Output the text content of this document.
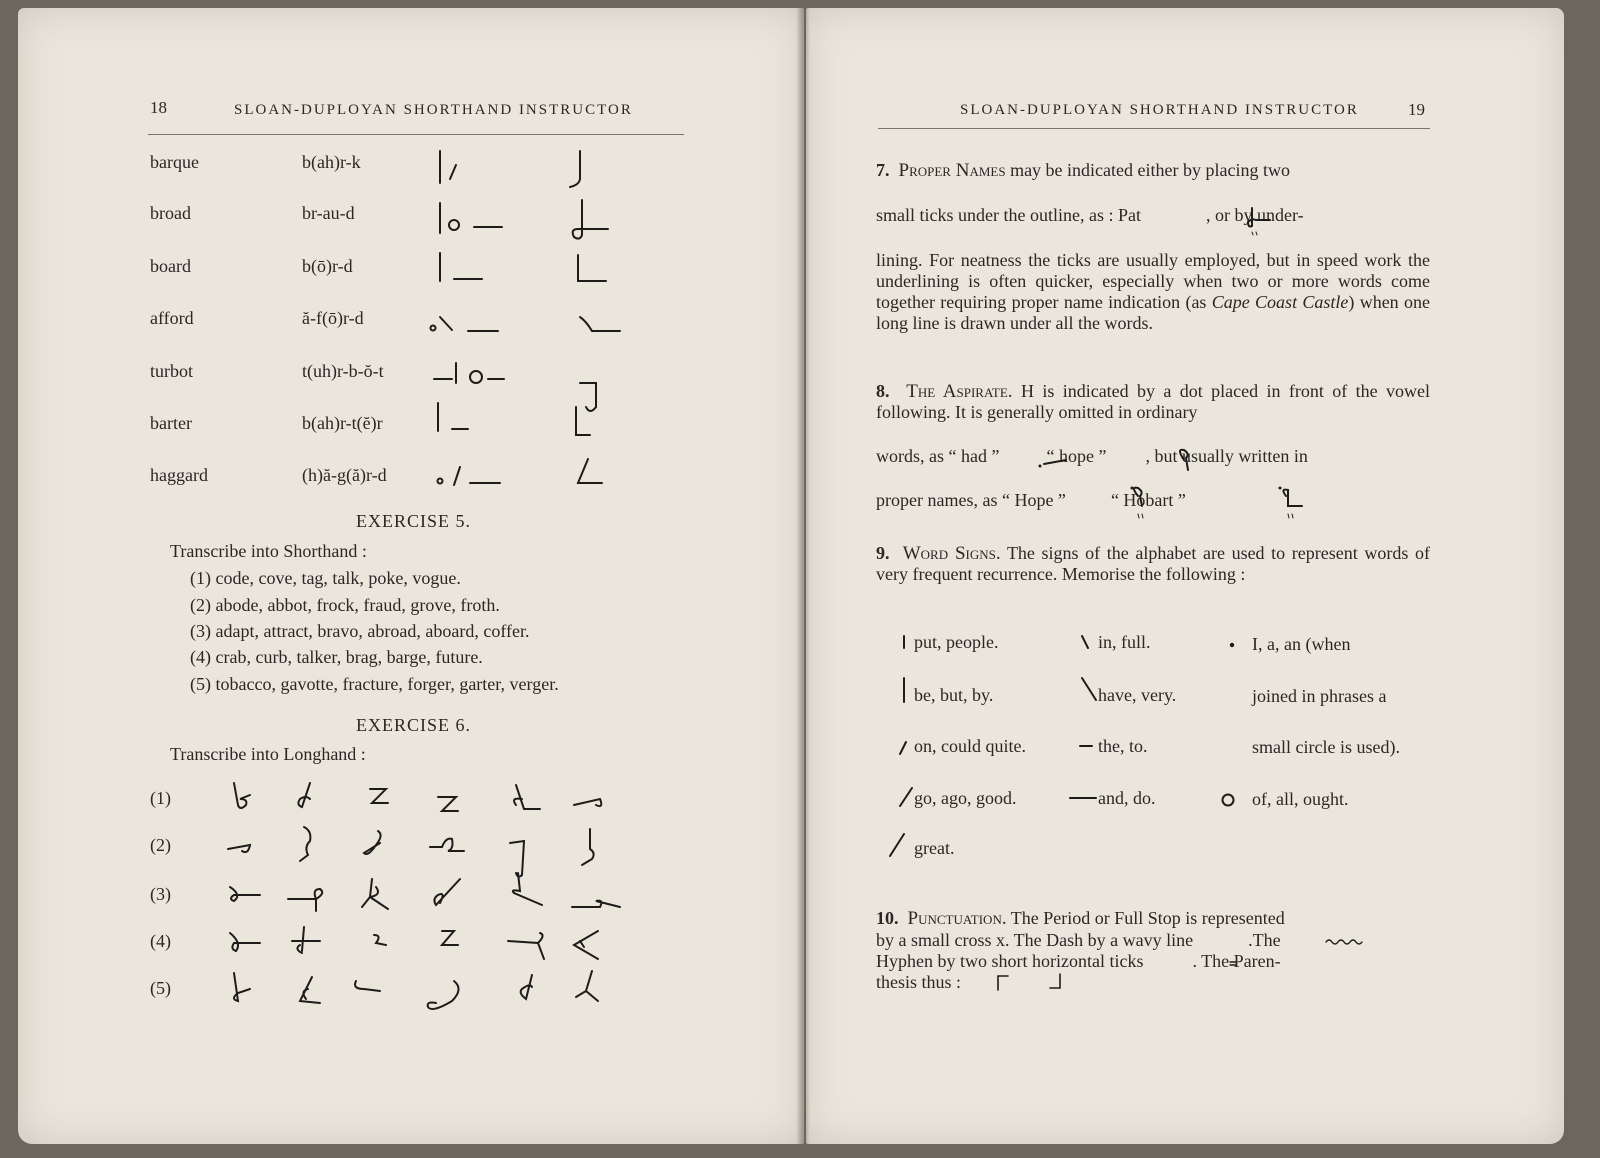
18	SLOAN-DUPLOYAN SHORTHAND INSTRUCTOR
barque	b(ah)r-k
broad	br-au-d
board	b(ō)r-d
afford	ă-f(ō)r-d
turbot	t(uh)r-b-ŏ-t
barter	b(ah)r-t(ĕ)r
haggard	(h)ă-g(ă)r-d
EXERCISE 5.
Transcribe into Shorthand :
(1) code, cove, tag, talk, poke, vogue.
(2) abode, abbot, frock, fraud, grove, froth.
(3) adapt, attract, bravo, abroad, aboard, coffer.
(4) crab, curb, talker, brag, barge, future.
(5) tobacco, gavotte, fracture, forger, garter, verger.
EXERCISE 6.
Transcribe into Longhand :
(1)
(2)
(3)
(4)
(5)
SLOAN-DUPLOYAN SHORTHAND INSTRUCTOR	19
7. Proper Names may be indicated either by placing two
small ticks under the outline, as : Pat	, or by under-
lining. For neatness the ticks are usually employed, but in speed work the underlining is often quicker, especially when two or more words come together requiring proper name indication (as Cape Coast Castle) when one long line is drawn under all the words.
8. The Aspirate. H is indicated by a dot placed in front of the vowel following. It is generally omitted in ordinary
words, as “ had ”	“ hope ” , but usually written in
proper names, as “ Hope ”	“ Hobart ”
9. Word Signs. The signs of the alphabet are used to represent words of very frequent recurrence. Memorise the following :
put, people.	in, full.	I, a, an (when
be, but, by.	have, very.	joined in phrases a
on, could quite.	the, to.	small circle is used).
go, ago, good.	and, do.	of, all, ought.
great.
10. Punctuation. The Period or Full Stop is represented
by a small cross x. The Dash by a wavy line	.The
Hyphen by two short horizontal ticks	. The Paren-
thesis thus :
